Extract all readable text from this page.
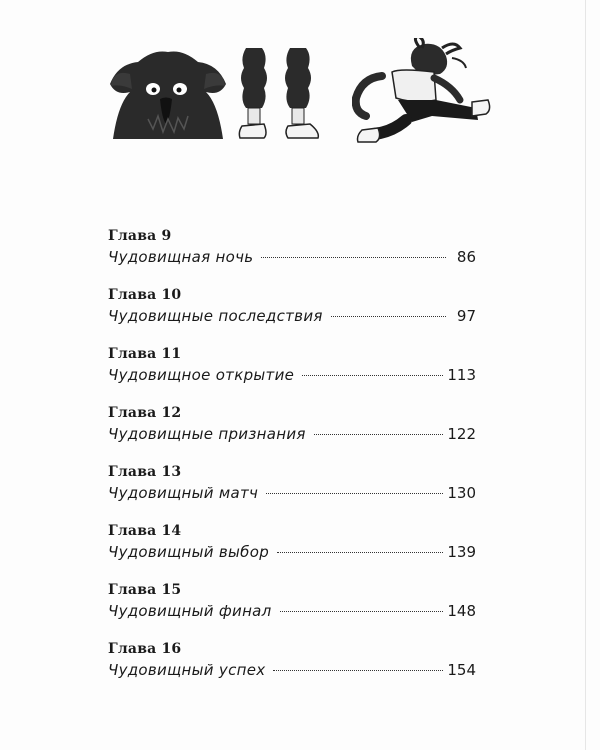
Глава 9
Чудовищная ночь	86
Глава 10
Чудовищные последствия	97
Глава 11
Чудовищное открытие	113
Глава 12
Чудовищные признания	122
Глава 13
Чудовищный матч	130
Глава 14
Чудовищный выбор	139
Глава 15
Чудовищный финал	148
Глава 16
Чудовищный успех	154
